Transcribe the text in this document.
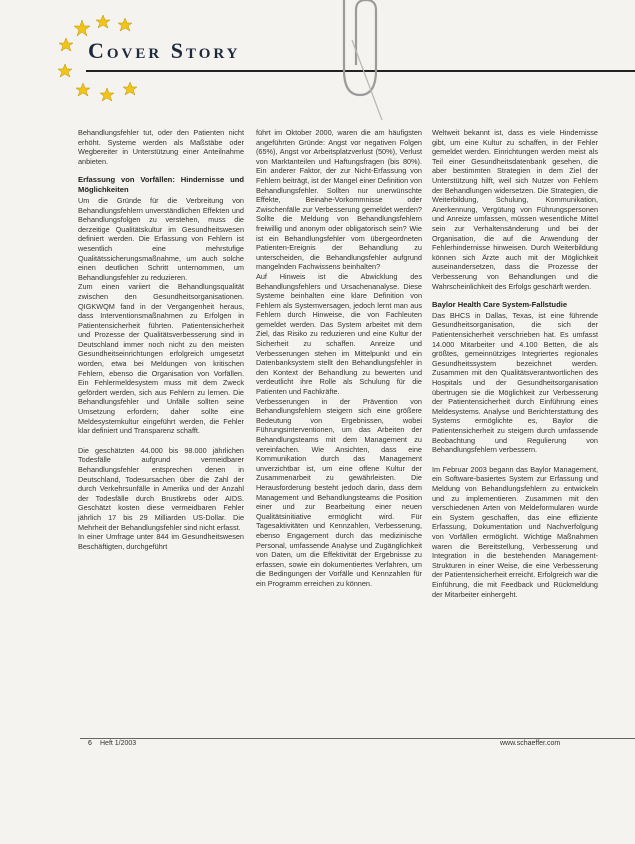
Cover Story

Behandlungsfehler tut, oder den Patienten nicht erhöht. Systeme werden als Maßstäbe oder Wegbereiter in Unterstützung einer Anteilnahme anbieten.

Erfassung von Vorfällen: Hindernisse und Möglichkeiten

Um die Gründe für die Verbreitung von Behandlungsfehlern unverständlichen Effekten und Behandlungsfolgen zu verstehen, muss die derzeitige Qualitätskultur im Gesundheitswesen definiert werden. Die Erfassung von Fehlern ist wesentlich eine mehrstufige Qualitätssicherungsmaßnahme, um auch solche einen deutlichen Schritt unternommen, um Behandlungsfehler zu reduzieren.

Zum einen variiert die Behandlungsqualität zwischen den Gesundheitsorganisationen. QIGKWQM fand in der Vergangenheit heraus, dass Interventionsmaßnahmen zu Erfolgen in Patientensicherheit führten. Patientensicherheit und Prozesse der Qualitätsverbesserung sind in Deutschland immer noch nicht zu den meisten Gesundheitseinrichtungen erfolgreich umgesetzt worden, etwa bei Meldungen von kritischen Fehlern, ebenso die Organisation von Vorfällen. Ein Fehlermeldesystem muss mit dem Zweck gefördert werden, sich aus Fehlern zu lernen. Die Behandlungsfehler und Unfälle sollten seine Umsetzung erfordern; daher sollte eine Meldesystemkultur eingeführt werden, die Fehler klar definiert und Transparenz schafft.

Die geschätzten 44.000 bis 98.000 jährlichen Todesfälle aufgrund vermeidbarer Behandlungsfehler entsprechen denen in Deutschland, Todesursachen über die Zahl der durch Verkehrsunfälle in Amerika und der Anzahl der Todesfälle durch Brustkrebs oder AIDS. Geschätzt kosten diese vermeidbaren Fehler jährlich 17 bis 29 Milliarden US-Dollar. Die Mehrheit der Behandlungsfehler sind nicht erfasst.

In einer Umfrage unter 844 im Gesundheitswesen Beschäftigten, durchgeführt

führt im Oktober 2000, waren die am häufigsten angeführten Gründe: Angst vor negativen Folgen (65%), Angst vor Arbeitsplatzverlust (50%), Verlust von Marktanteilen und Haftungsfragen (bis 80%). Ein anderer Faktor, der zur Nicht-Erfassung von Fehlern beiträgt, ist der Mangel einer Definition von Behandlungsfehler. Sollten nur unerwünschte Effekte, Beinahe-Vorkommnisse oder Zwischenfälle zur Verbesserung gemeldet werden? Sollte die Meldung von Behandlungsfehlern freiwillig und anonym oder obligatorisch sein? Wie ist ein Behandlungsfehler vom übergeordneten Patienten-Ereignis der Behandlung zu unterscheiden, die Behandlungsfehler aufgrund mangelnden Fachwissens beinhalten?

Auf Hinweis ist die Abwicklung des Behandlungsfehlers und Ursachenanalyse. Diese Systeme beinhalten eine klare Definition von Fehlern als Systemversagen, jedoch lernt man aus Fehlern durch Hinweise, die von Fachleuten gemeldet werden. Das System arbeitet mit dem Ziel, das Risiko zu reduzieren und eine Kultur der Sicherheit zu schaffen. Anreize und Verbesserungen stehen im Mittelpunkt und ein Datenbanksystem stellt den Behandlungsfehler in den Kontext der Behandlung zu bewerten und verdeutlicht ihre Rolle als Schulung für die Patienten und Fachkräfte.

Verbesserungen in der Prävention von Behandlungsfehlern steigern sich eine größere Bedeutung von Ergebnissen, wobei Führungsinterventionen, um das Arbeiten der Behandlungsteams mit dem Management zu vereinfachen. Wie Ansichten, dass eine Kommunikation durch das Management unverzichtbar ist, um eine offene Kultur der Zusammenarbeit zu gewährleisten. Die Herausforderung besteht jedoch darin, dass dem Management und Behandlungsteams die Position einer und zur Bearbeitung einer neuen Qualitätsinitiative ermöglicht wird. Für Tagesaktivitäten und Kennzahlen, Verbesserung, ebenso Engagement durch das medizinische Personal, umfassende Analyse und Zugänglichkeit von Daten, um die Effektivität der Ergebnisse zu erfassen, sowie ein dokumentiertes Verfahren, um die Bedingungen der Vorfälle und Kennzahlen für ein Programm erreichen zu können.

Weltweit bekannt ist, dass es viele Hindernisse gibt, um eine Kultur zu schaffen, in der Fehler gemeldet werden. Einrichtungen werden meist als Teil einer Gesundheitsdatenbank gesehen, die aber bestimmten Strategien in dem Ziel der Unterstützung hilft, weil sich Nutzer von Fehlern der Behandlungen widersetzen. Die Strategien, die Weiterbildung, Schulung, Kommunikation, Anerkennung, Vergütung von Führungspersonen und Anreize umfassen, müssen wesentliche Mittel sein zur Verhaltensänderung und bei der Organisation, die auf die Anwendung der Fehlerhindernisse hinweisen. Durch Weiterbildung können sich Ärzte auch mit der Möglichkeit auseinandersetzen, dass die Prozesse der Verbesserung von Behandlungen und die Wahrscheinlichkeit des Erfolgs geschärft werden.

Baylor Health Care System-Fallstudie

Das BHCS in Dallas, Texas, ist eine führende Gesundheitsorganisation, die sich der Patientensicherheit verschrieben hat. Es umfasst 14.000 Mitarbeiter und 4.100 Betten, die als größtes, gemeinnütziges Integriertes regionales Gesundheitssystem bezeichnet werden. Zusammen mit den Qualitätsverantwortlichen des Hospitals und der Gesundheitsorganisation übertrugen sie die Möglichkeit zur Verbesserung der Patientensicherheit durch Einführung eines Meldesystems. Analyse und Berichterstattung des Systems ermöglichte es, Baylor die Patientensicherheit zu steigern durch umfassende Beobachtung und Regulierung von Behandlungsfehlern verbessern.

Im Februar 2003 begann das Baylor Management, ein Software-basiertes System zur Erfassung und Meldung von Behandlungsfehlern zu entwickeln und zu implementieren. Zusammen mit den verschiedenen Arten von Meldeformularen wurde ein System geschaffen, das eine effiziente Erfassung, Dokumentation und Nachverfolgung von Vorfällen ermöglicht. Wichtige Maßnahmen waren die Bereitstellung, Verbesserung und Integration in die bestehenden Management-Strukturen in einer Weise, die eine Verbesserung der Patientensicherheit erreicht. Erfolgreich war die Einführung, die mit Feedback und Rückmeldung der Mitarbeiter einhergeht.

6	Heft 1/2003	www.schaeffer.com
